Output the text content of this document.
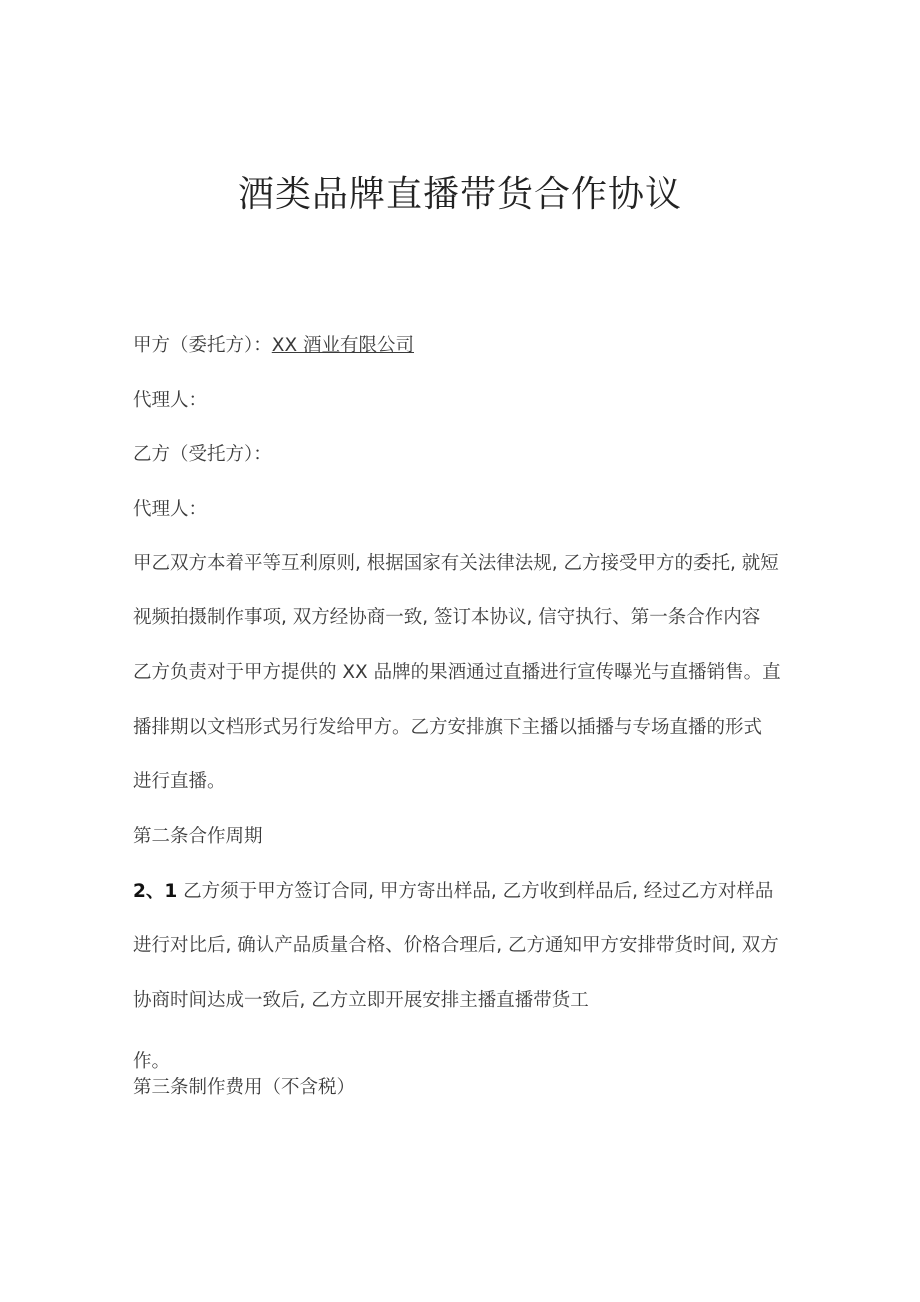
酒类品牌直播带货合作协议
甲方（委托方）：XX 酒业有限公司
代理人：
乙方（受托方）：
代理人：
甲乙双方本着平等互利原则, 根据国家有关法律法规, 乙方接受甲方的委托, 就短
视频拍摄制作事项, 双方经协商一致, 签订本协议, 信守执行、第一条合作内容
乙方负责对于甲方提供的 XX 品牌的果酒通过直播进行宣传曝光与直播销售。直
播排期以文档形式另行发给甲方。乙方安排旗下主播以插播与专场直播的形式
进行直播。
第二条合作周期
2、1 乙方须于甲方签订合同, 甲方寄出样品, 乙方收到样品后, 经过乙方对样品
进行对比后, 确认产品质量合格、价格合理后, 乙方通知甲方安排带货时间, 双方
协商时间达成一致后, 乙方立即开展安排主播直播带货工
作。
第三条制作费用（不含税）
